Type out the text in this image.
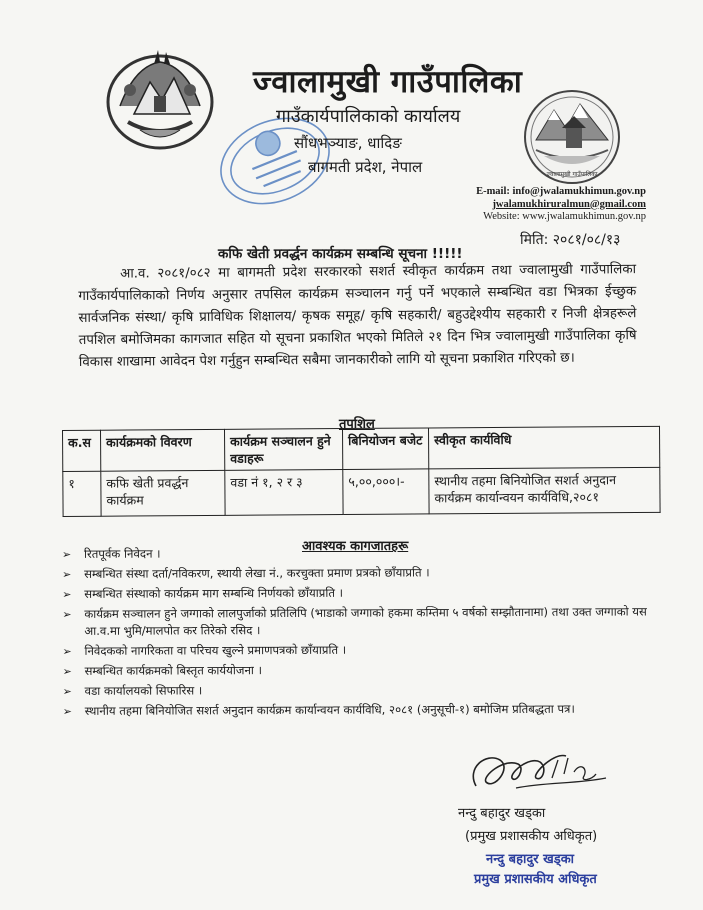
ज्वालामुखी गाउँपालिका
ज्वालामुखी गाउँपालिका
गाउँकार्यपालिकाको कार्यालय
सौंधभञ्याङ, धादिङ
बागमती प्रदेश, नेपाल
E-mail: info@jwalamukhimun.gov.np
jwalamukhiruralmun@gmail.com
Website: www.jwalamukhimun.gov.np
मिति: २०८१/०८/१३
कफि खेती प्रवर्द्धन कार्यक्रम सम्बन्धि सूचना !!!!!
आ.व. २०८१/०८२ मा बागमती प्रदेश सरकारको सशर्त स्वीकृत कार्यक्रम तथा ज्वालामुखी गाउँपालिका गाउँकार्यपालिकाको निर्णय अनुसार तपसिल कार्यक्रम सञ्चालन गर्नु पर्ने भएकाले सम्बन्धित वडा भित्रका ईच्छुक सार्वजनिक संस्था/ कृषि प्राविधिक शिक्षालय/ कृषक समूह/ कृषि सहकारी/ बहुउद्देश्यीय सहकारी र निजी क्षेत्रहरूले तपशिल बमोजिमका कागजात सहित यो सूचना प्रकाशित भएको मितिले २१ दिन भित्र ज्वालामुखी गाउँपालिका कृषि विकास शाखामा आवेदन पेश गर्नुहुन सम्बन्धित सबैमा जानकारीको लागि यो सूचना प्रकाशित गरिएको छ।
तपशिल
क.स	कार्यक्रमको विवरण	कार्यक्रम सञ्चालन हुने वडाहरू	बिनियोजन बजेट	स्वीकृत कार्यविधि
१	कफि खेती प्रवर्द्धन कार्यक्रम	वडा नं १, २ र ३	५,००,०००।-	स्थानीय तहमा बिनियोजित सशर्त अनुदान कार्यक्रम कार्यान्वयन कार्यविधि,२०८१
आवश्यक कागजातहरू
➢ रितपूर्वक निवेदन ।
➢ सम्बन्धित संस्था दर्ता/नविकरण, स्थायी लेखा नं., करचुक्ता प्रमाण प्रत्रको छाँयाप्रति ।
➢ सम्बन्धित संस्थाको कार्यक्रम माग सम्बन्धि निर्णयको छाँयाप्रति ।
➢ कार्यक्रम सञ्चालन हुने जग्गाको लालपुर्जाको प्रतिलिपि (भाडाको जग्गाको हकमा कम्तिमा ५ वर्षको सम्झौतानामा) तथा उक्त जग्गाको यस आ.व.मा भुमि/मालपोत कर तिरेको रसिद ।
➢ निवेदकको नागरिकता वा परिचय खुल्ने प्रमाणपत्रको छाँयाप्रति ।
➢ सम्बन्धित कार्यक्रमको बिस्तृत कार्ययोजना ।
➢ वडा कार्यालयको सिफारिस ।
➢ स्थानीय तहमा बिनियोजित सशर्त अनुदान कार्यक्रम कार्यान्वयन कार्यविधि, २०८१ (अनुसूची-१) बमोजिम प्रतिबद्धता पत्र।
नन्दु बहादुर खड्का
(प्रमुख प्रशासकीय अधिकृत)
नन्दु बहादुर खड्का
प्रमुख प्रशासकीय अधिकृत
